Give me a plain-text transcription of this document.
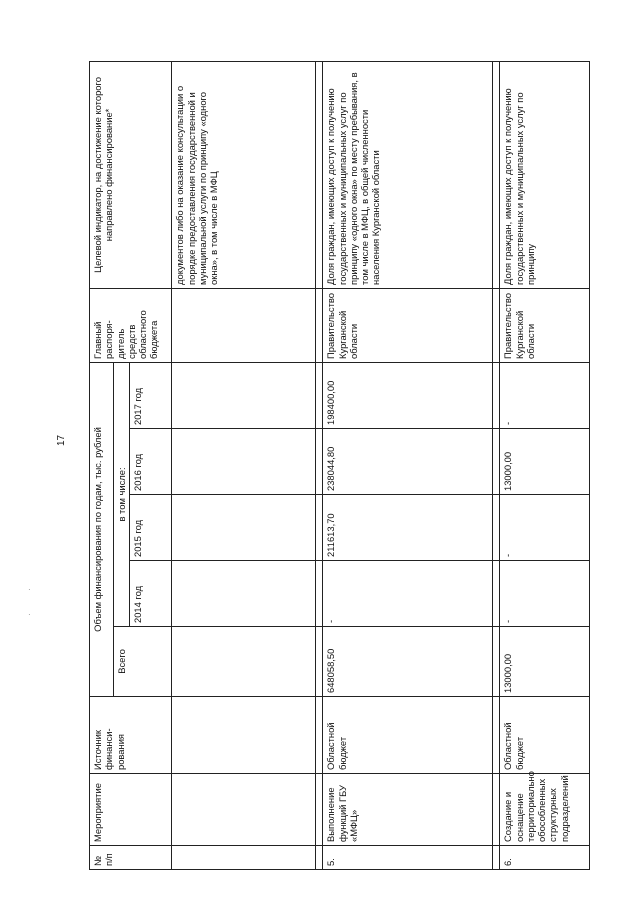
17
·
·
№ п/п	Мероприятие	Источник финанси-рования	Объем финансирования по годам, тыс. рублей					Главный распоря-дитель средств областного бюджета	Целевой индикатор, на достижение которого направлено финансирование*
			Всего	в том числе:					
				2014 год	2015 год	2016 год	2017 год		
									документов либо на оказание консультации о порядке предоставления государственной и муниципальной услуги по принципу «одного окна», в том числе в МФЦ

5.	Выполнение функций ГБУ «МФЦ»	Областной бюджет	648058,50	-	211613,70	238044,80	198400,00	Правительство Курганской области	Доля граждан, имеющих доступ к получению государственных и муниципальных услуг по принципу «одного окна» по месту пребывания, в том числе в МФЦ, в общей численности населения Курганской области

6.	Создание и оснащение территориально обособленных структурных подразделений	Областной бюджет	13000,00	-	-	13000,00	-	Правительство Курганской области	Доля граждан, имеющих доступ к получению государственных и муниципальных услуг по принципу
